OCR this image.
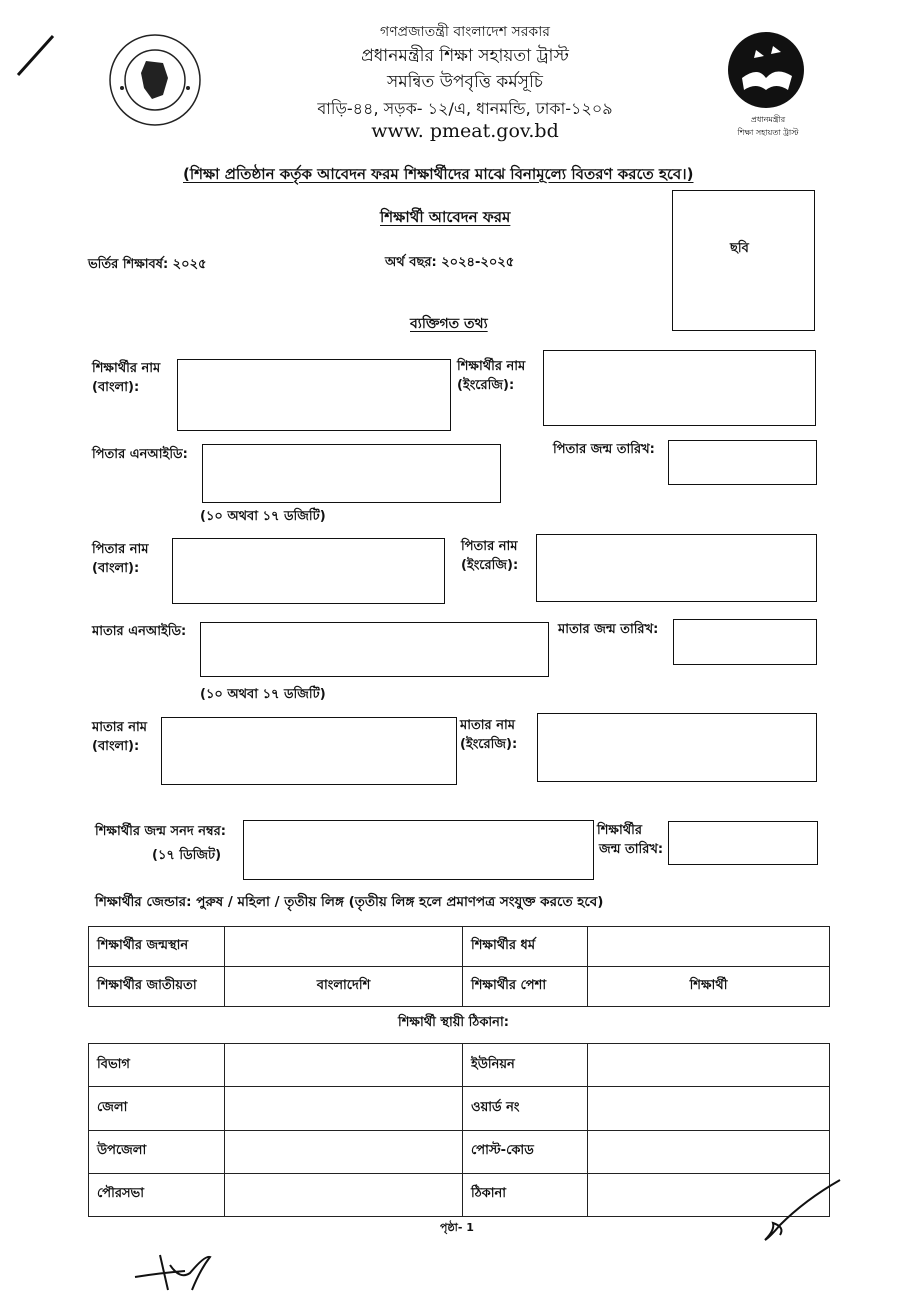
গণপ্রজাতন্ত্রী বাংলাদেশ সরকার
প্রধানমন্ত্রীর শিক্ষা সহায়তা ট্রাস্ট
সমন্বিত উপবৃত্তি কর্মসূচি
বাড়ি-৪৪, সড়ক- ১২/এ, ধানমন্ডি, ঢাকা-১২০৯
www. pmeat.gov.bd
প্রধানমন্ত্রীর
শিক্ষা সহায়তা ট্রাস্ট
(শিক্ষা প্রতিষ্ঠান কর্তৃক আবেদন ফরম শিক্ষার্থীদের মাঝে বিনামূল্যে বিতরণ করতে হবে।)
ছবি
শিক্ষার্থী আবেদন ফরম
ভর্তির শিক্ষাবর্ষ: ২০২৫	অর্থ বছর: ২০২৪-২০২৫
ব্যক্তিগত তথ্য
শিক্ষার্থীর নাম
(বাংলা):
শিক্ষার্থীর নাম
(ইংরেজি):
পিতার এনআইডি:
(১০ অথবা ১৭ ডজিটি)
পিতার জন্ম তারিখ:
পিতার নাম
(বাংলা):
পিতার নাম
(ইংরেজি):
মাতার এনআইডি:
(১০ অথবা ১৭ ডজিটি)
মাতার জন্ম তারিখ:
মাতার নাম
(বাংলা):
মাতার নাম
(ইংরেজি):
শিক্ষার্থীর জন্ম সনদ নম্বর:
(১৭ ডিজিট)
শিক্ষার্থীর
জন্ম তারিখ:
শিক্ষার্থীর জেন্ডার: পুরুষ / মহিলা / তৃতীয় লিঙ্গ (তৃতীয় লিঙ্গ হলে প্রমাণপত্র সংযুক্ত করতে হবে)
শিক্ষার্থীর জন্মস্থান		শিক্ষার্থীর ধর্ম	
শিক্ষার্থীর জাতীয়তা	বাংলাদেশি	শিক্ষার্থীর পেশা	শিক্ষার্থী
শিক্ষার্থী স্থায়ী ঠিকানা:
বিভাগ		ইউনিয়ন	
জেলা		ওয়ার্ড নং	
উপজেলা		পোস্ট-কোড	
পৌরসভা		ঠিকানা	
পৃষ্ঠা- 1
